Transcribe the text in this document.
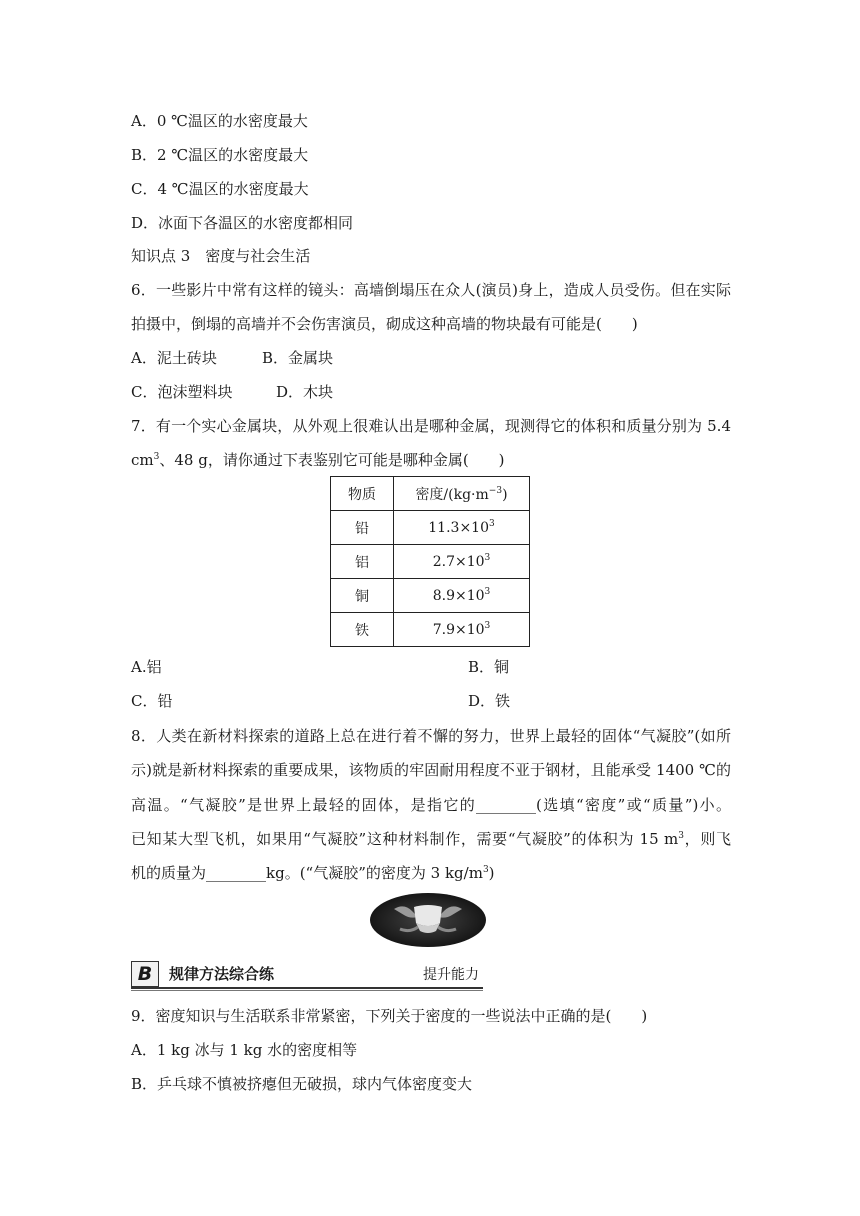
A．0 ℃温区的水密度最大
B．2 ℃温区的水密度最大
C．4 ℃温区的水密度最大
D．冰面下各温区的水密度都相同
知识点 3　密度与社会生活
6．一些影片中常有这样的镜头：高墙倒塌压在众人(演员)身上，造成人员受伤。但在实际
拍摄中，倒塌的高墙并不会伤害演员，砌成这种高墙的物块最有可能是(　　)
A．泥土砖块	B．金属块
C．泡沫塑料块	D．木块
7．有一个实心金属块，从外观上很难认出是哪种金属，现测得它的体积和质量分别为 5.4
$cm^3$、48 g，请你通过下表鉴别它可能是哪种金属(　　)
物质	密度$/(kg\cdot m^{-3})$
铅	$11.3\times 10^3$
铝	$2.7\times 10^3$
铜	$8.9\times 10^3$
铁	$7.9\times 10^3$
A.铝	B．铜
C．铅	D．铁
8．人类在新材料探索的道路上总在进行着不懈的努力，世界上最轻的固体“气凝胶”(如所
示)就是新材料探索的重要成果，该物质的牢固耐用程度不亚于钢材，且能承受 1400 ℃的
高温。“气凝胶”是世界上最轻的固体，是指它的________(选填“密度”或“质量”)小。
已知某大型飞机，如果用“气凝胶”这种材料制作，需要“气凝胶”的体积为 15 $m^3$，则飞
机的质量为________kg。(“气凝胶”的密度为 3 $kg/m^3$)
B	规律方法综合练	提升能力
9．密度知识与生活联系非常紧密，下列关于密度的一些说法中正确的是(　　)
A．1 kg 冰与 1 kg 水的密度相等
B．乒乓球不慎被挤瘪但无破损，球内气体密度变大
